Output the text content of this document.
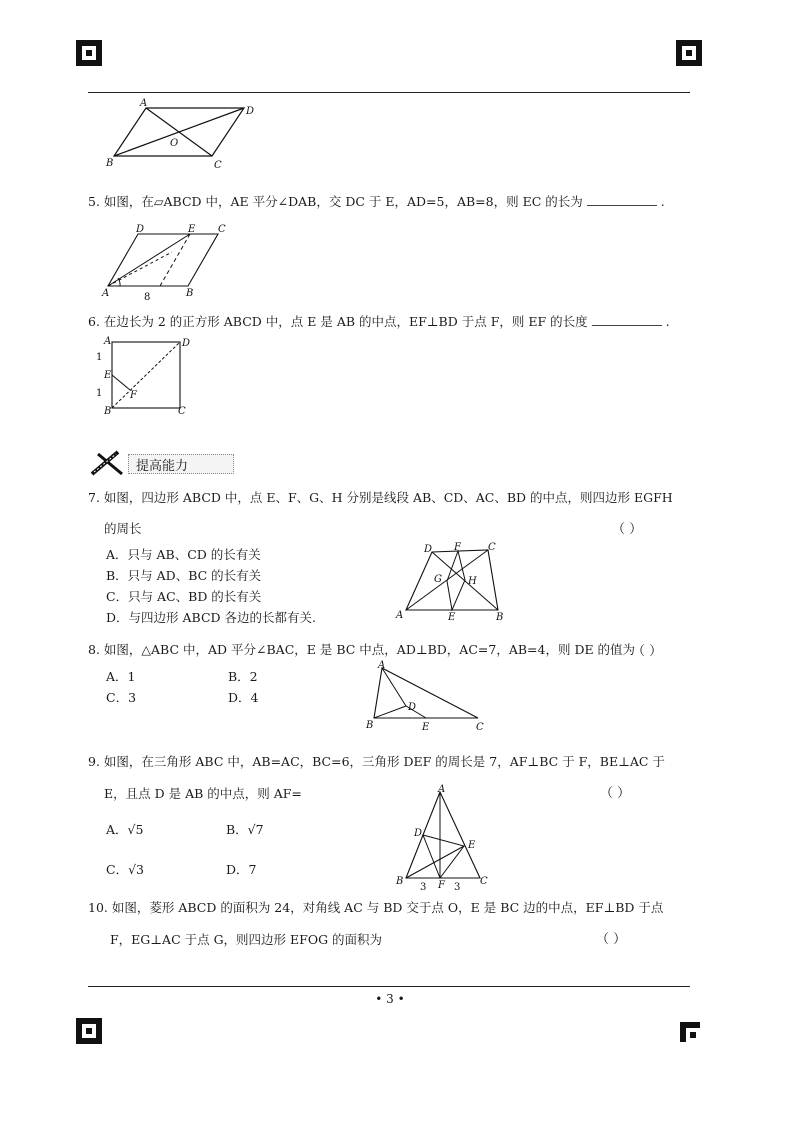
A
D
O
B	C
5. 如图，在▱ABCD 中，AE 平分∠DAB，交 DC 于 E，AD=5，AB=8，则 EC 的长为	.
D	E C
A	B
8
6. 在边长为 2 的正方形 ABCD 中，点 E 是 AB 的中点，EF⊥BD 于点 F，则 EF 的长度	.
A	D
E
F
B	C
1
1
提高能力
7. 如图，四边形 ABCD 中，点 E、F、G、H 分别是线段 AB、CD、AC、BD 的中点，则四边形 EGFH
的周长	（ ）
A．只与 AB、CD 的长有关
B．只与 AD、BC 的长有关
C．只与 AC、BD 的长有关
D．与四边形 ABCD 各边的长都有关.
D F	C
G	H
A	E	B
8. 如图，△ABC 中，AD 平分∠BAC，E 是 BC 中点，AD⊥BD，AC=7，AB=4，则 DE 的值为
（ ）
A．1	B．2
C．3	D．4
A
D
B	E	C
9. 如图，在三角形 ABC 中，AB=AC，BC=6，三角形 DEF 的周长是 7，AF⊥BC 于 F，BE⊥AC 于
E，且点 D 是 AB 的中点，则 AF=	（ ）
A．√5	B．√7
C．√3	D．7
A
D
E
B	F	C
3	3
10. 如图，菱形 ABCD 的面积为 24，对角线 AC 与 BD 交于点 O，E 是 BC 边的中点，EF⊥BD 于点
F，EG⊥AC 于点 G，则四边形 EFOG 的面积为	（ ）
• 3 •
